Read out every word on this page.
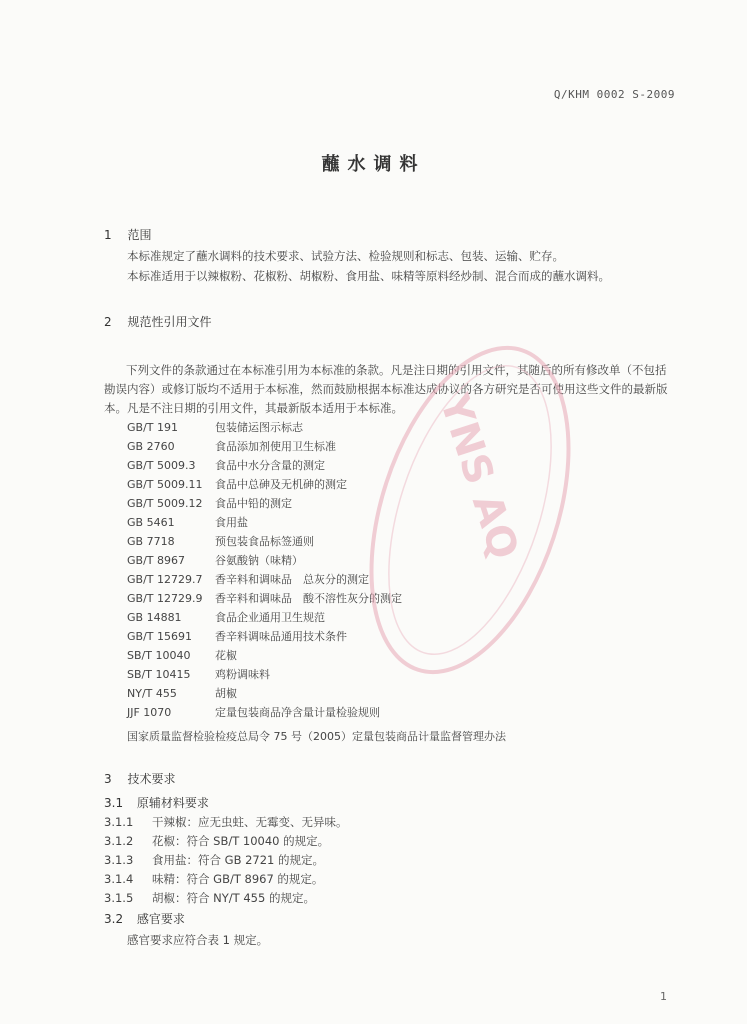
Q/KHM 0002 S-2009
蘸水调料
1 范围
本标准规定了蘸水调料的技术要求、试验方法、检验规则和标志、包装、运输、贮存。
本标准适用于以辣椒粉、花椒粉、胡椒粉、食用盐、味精等原料经炒制、混合而成的蘸水调料。
2 规范性引用文件
下列文件的条款通过在本标准引用为本标准的条款。凡是注日期的引用文件，其随后的所有修改单（不包括勘误内容）或修订版均不适用于本标准，然而鼓励根据本标准达成协议的各方研究是否可使用这些文件的最新版本。凡是不注日期的引用文件，其最新版本适用于本标准。
GB/T 191	包装储运图示标志
GB 2760	食品添加剂使用卫生标准
GB/T 5009.3 食品中水分含量的测定
GB/T 5009.11 食品中总砷及无机砷的测定
GB/T 5009.12 食品中铅的测定
GB 5461	食用盐
GB 7718	预包装食品标签通则
GB/T 8967	谷氨酸钠（味精）
GB/T 12729.7 香辛料和调味品　总灰分的测定
GB/T 12729.9 香辛料和调味品　酸不溶性灰分的测定
GB 14881	食品企业通用卫生规范
GB/T 15691 香辛料调味品通用技术条件
SB/T 10040 花椒
SB/T 10415 鸡粉调味料
NY/T 455	胡椒
JJF 1070	定量包装商品净含量计量检验规则
国家质量监督检验检疫总局令 75 号（2005）定量包装商品计量监督管理办法
3 技术要求
3.1 原辅材料要求
3.1.1 干辣椒：应无虫蛀、无霉变、无异味。
3.1.2 花椒：符合 SB/T 10040 的规定。
3.1.3 食用盐：符合 GB 2721 的规定。
3.1.4 味精：符合 GB/T 8967 的规定。
3.1.5 胡椒：符合 NY/T 455 的规定。
3.2 感官要求
感官要求应符合表 1 规定。
1
YNS AQ
